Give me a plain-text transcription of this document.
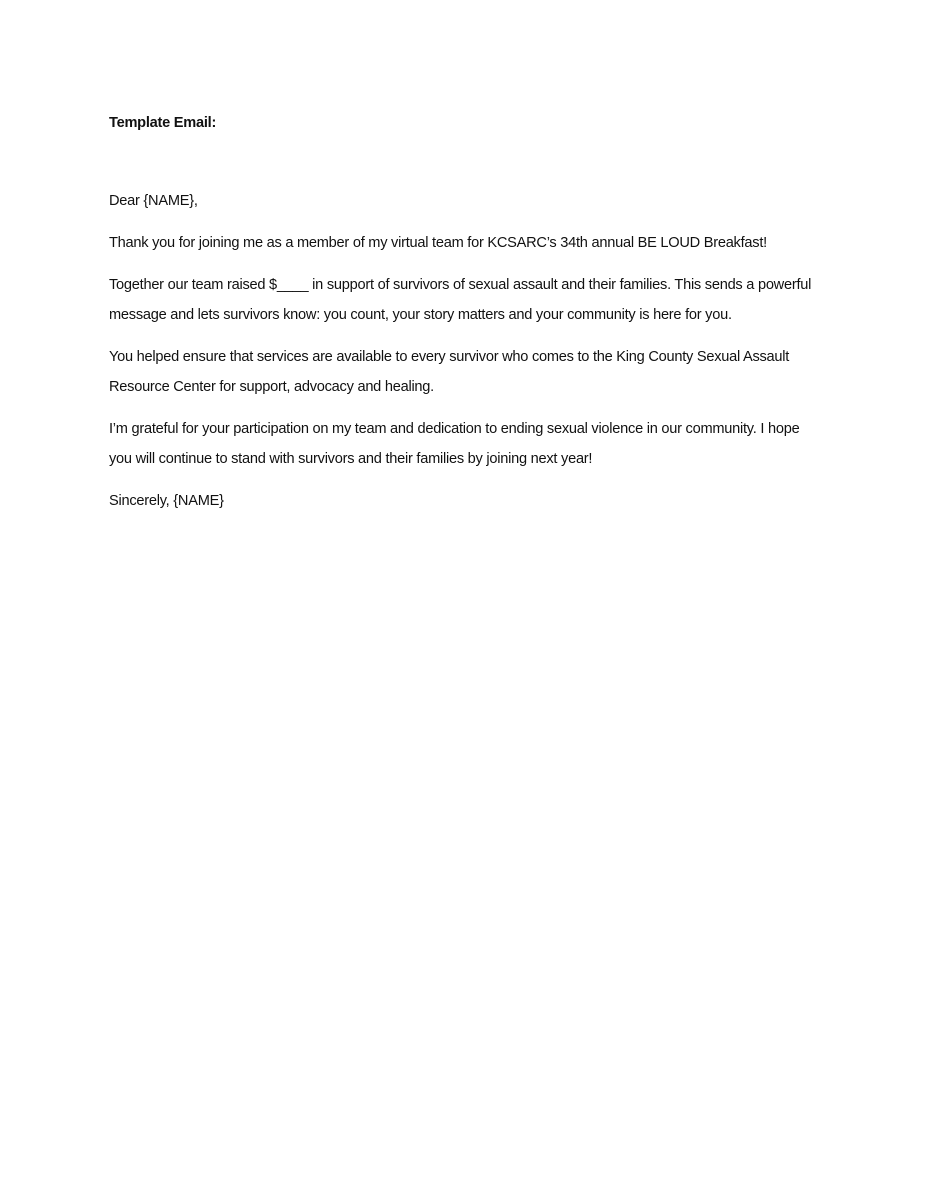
Template Email:
Dear {NAME},

Thank you for joining me as a member of my virtual team for KCSARC’s 34th annual BE LOUD Breakfast!

Together our team raised $____ in support of survivors of sexual assault and their families. This sends a powerful message and lets survivors know: you count, your story matters and your community is here for you.

You helped ensure that services are available to every survivor who comes to the King County Sexual Assault Resource Center for support, advocacy and healing.

I’m grateful for your participation on my team and dedication to ending sexual violence in our community. I hope you will continue to stand with survivors and their families by joining next year!

Sincerely, {NAME}
